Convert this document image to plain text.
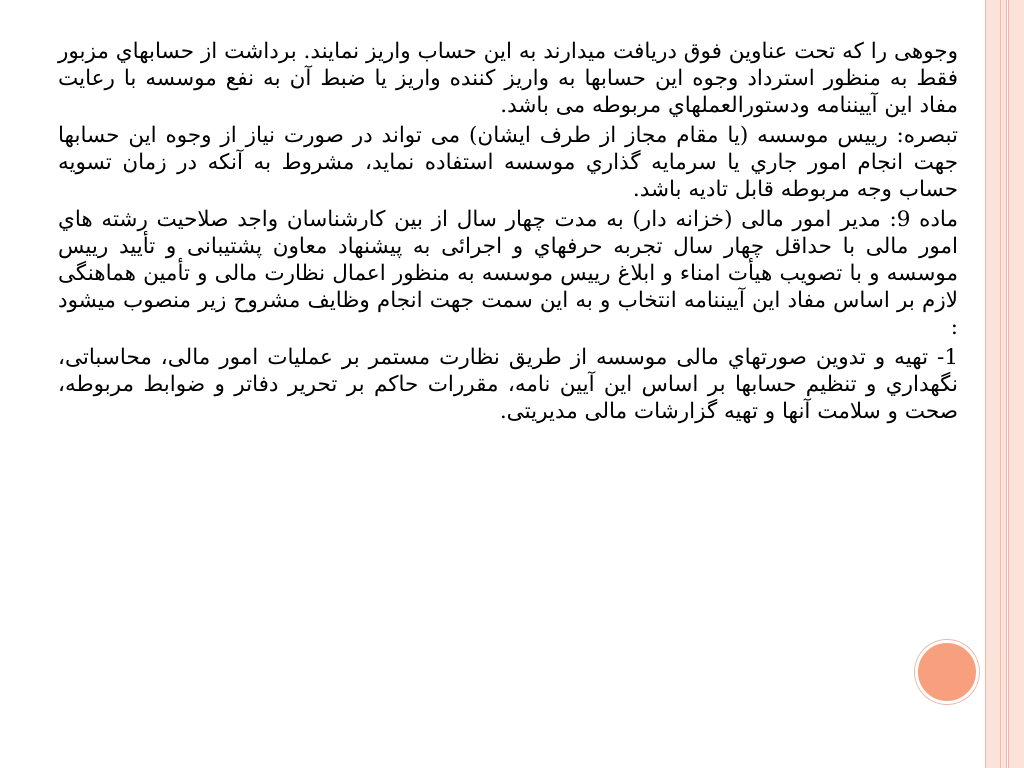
وجوهی را که تحت عناوین فوق دریافت میدارند به این حساب واریز نمایند. برداشت از حسابهاي مزبور فقط به منظور استرداد وجوه این حسابها به واریز کننده واریز یا ضبط آن به نفع موسسه با رعایت مفاد این آییننامه ودستورالعملهاي مربوطه می باشد.

تبصره: رییس موسسه (یا مقام مجاز از طرف ایشان) می تواند در صورت نیاز از وجوه این حسابها جهت انجام امور جاري یا سرمایه گذاري موسسه استفاده نماید، مشروط به آنکه در زمان تسویه حساب وجه مربوطه قابل تادیه باشد.

ماده 9: مدیر امور مالی (خزانه دار) به مدت چهار سال از بین کارشناسان واجد صلاحیت رشته هاي امور مالی با حداقل چهار سال تجربه حرفهاي و اجرائی به پیشنهاد معاون پشتیبانی و تأیید رییس موسسه و با تصویب هیأت امناء و ابلاغ رییس موسسه به منظور اعمال نظارت مالی و تأمین هماهنگی لازم بر اساس مفاد این آییننامه انتخاب و به این سمت جهت انجام وظایف مشروح زیر منصوب میشود :

1- تهیه و تدوین صورتهاي مالی موسسه از طریق نظارت مستمر بر عملیات امور مالی، محاسباتی، نگهداري و تنظیم حسابها بر اساس این آیین نامه، مقررات حاکم بر تحریر دفاتر و ضوابط مربوطه، صحت و سلامت آنها و تهیه گزارشات مالی مدیریتی.
